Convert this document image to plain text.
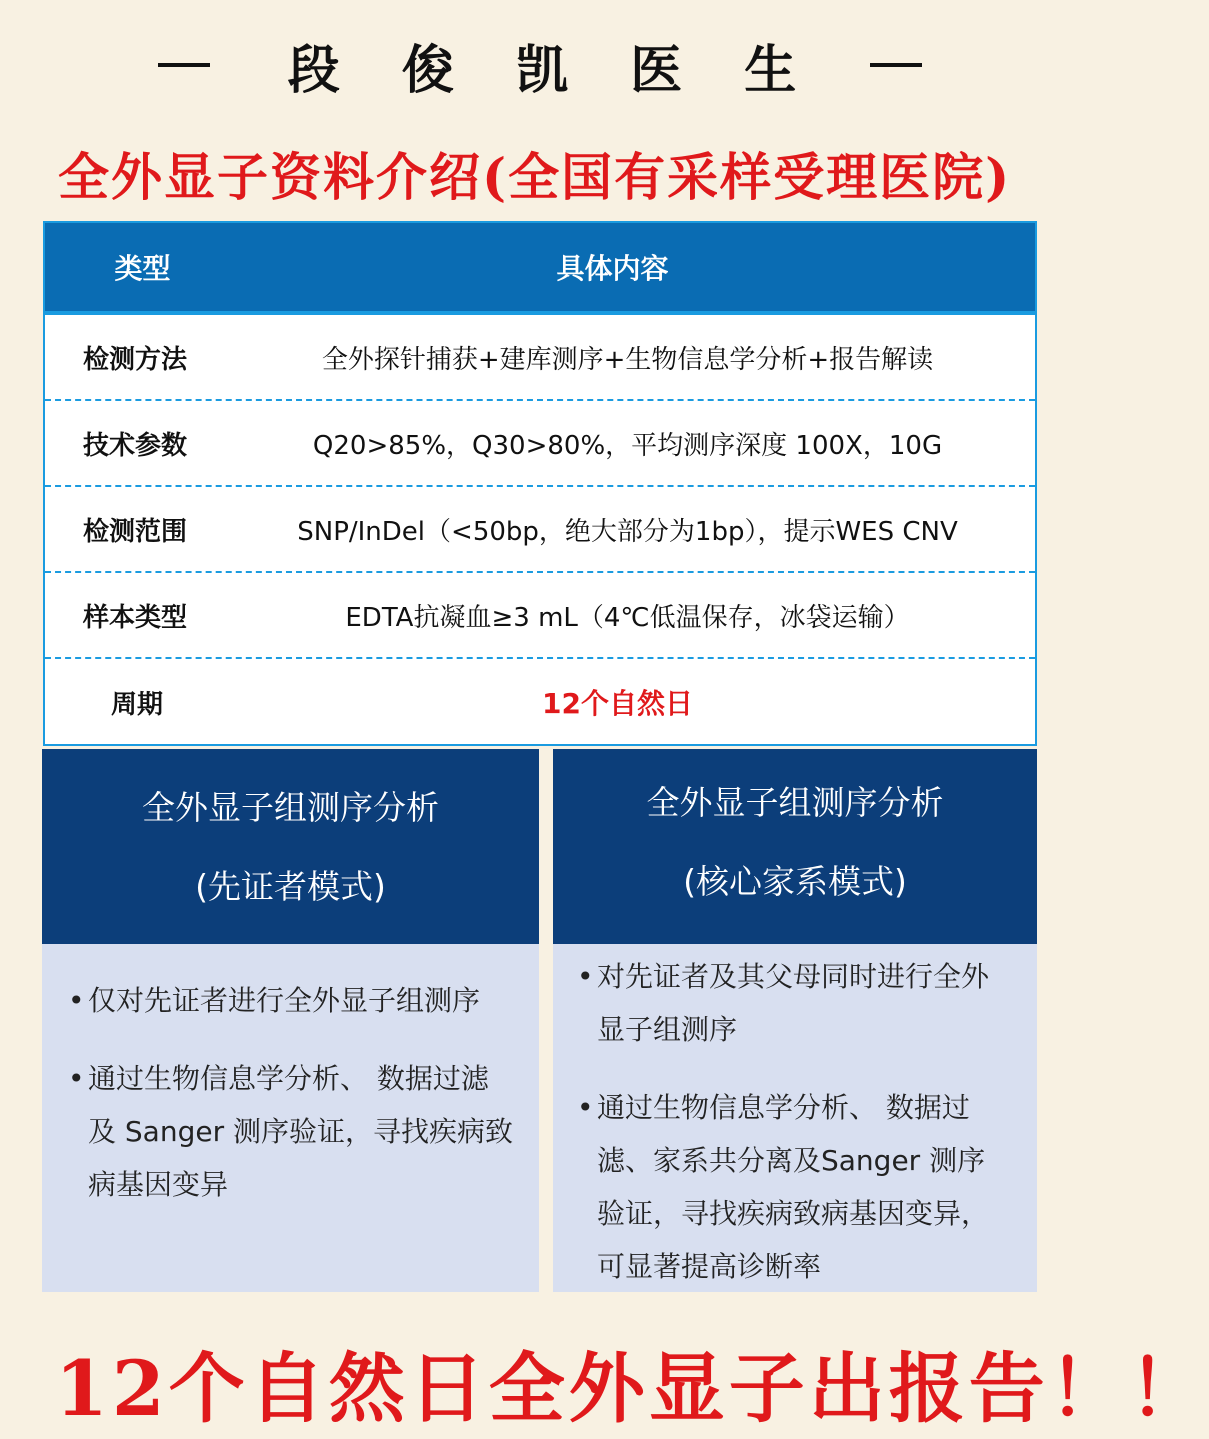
段 俊 凯 医 生
全外显子资料介绍(全国有采样受理医院)
类型	具体内容
检测方法	全外探针捕获+建库测序+生物信息学分析+报告解读
技术参数	Q20>85%，Q30>80%，平均测序深度 100X，10G
检测范围	SNP/InDel（<50bp，绝大部分为1bp），提示WES CNV
样本类型	EDTA抗凝血≥3 mL（4℃低温保存，冰袋运输）
周期	12个自然日
全外显子组测序分析
(先证者模式)
• 仅对先证者进行全外显子组测序
• 通过生物信息学分析、 数据过滤及 Sanger 测序验证，寻找疾病致病基因变异
全外显子组测序分析
(核心家系模式)
• 对先证者及其父母同时进行全外显子组测序
• 通过生物信息学分析、 数据过滤、家系共分离及Sanger 测序验证，寻找疾病致病基因变异，可显著提高诊断率
12个自然日全外显子出报告！！
